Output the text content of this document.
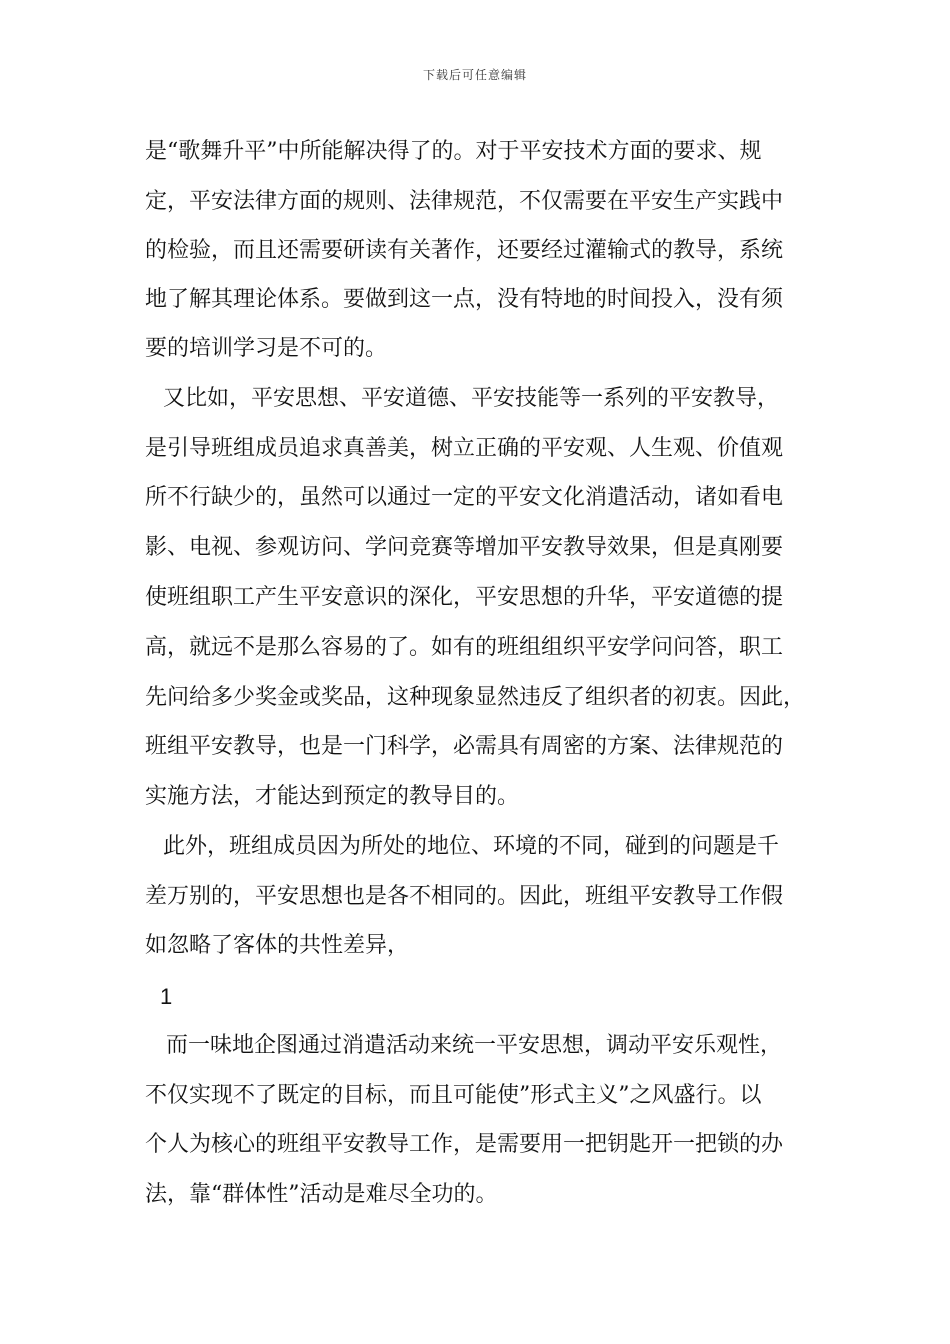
下载后可任意编辑
是“歌舞升平”中所能解决得了的。对于平安技术方面的要求、规
定，平安法律方面的规则、法律规范，不仅需要在平安生产实践中
的检验，而且还需要研读有关著作，还要经过灌输式的教导，系统
地了解其理论体系。要做到这一点，没有特地的时间投入，没有须
要的培训学习是不可的。
又比如，平安思想、平安道德、平安技能等一系列的平安教导，
是引导班组成员追求真善美，树立正确的平安观、人生观、价值观
所不行缺少的，虽然可以通过一定的平安文化消遣活动，诸如看电
影、电视、参观访问、学问竞赛等增加平安教导效果，但是真刚要
使班组职工产生平安意识的深化，平安思想的升华，平安道德的提
高，就远不是那么容易的了。如有的班组组织平安学问问答，职工
先问给多少奖金或奖品，这种现象显然违反了组织者的初衷。因此，
班组平安教导，也是一门科学，必需具有周密的方案、法律规范的
实施方法，才能达到预定的教导目的。
此外，班组成员因为所处的地位、环境的不同，碰到的问题是千
差万别的，平安思想也是各不相同的。因此，班组平安教导工作假
如忽略了客体的共性差异，
1
而一味地企图通过消遣活动来统一平安思想，调动平安乐观性，
不仅实现不了既定的目标，而且可能使”形式主义”之风盛行。以
个人为核心的班组平安教导工作，是需要用一把钥匙开一把锁的办
法，靠“群体性”活动是难尽全功的。
